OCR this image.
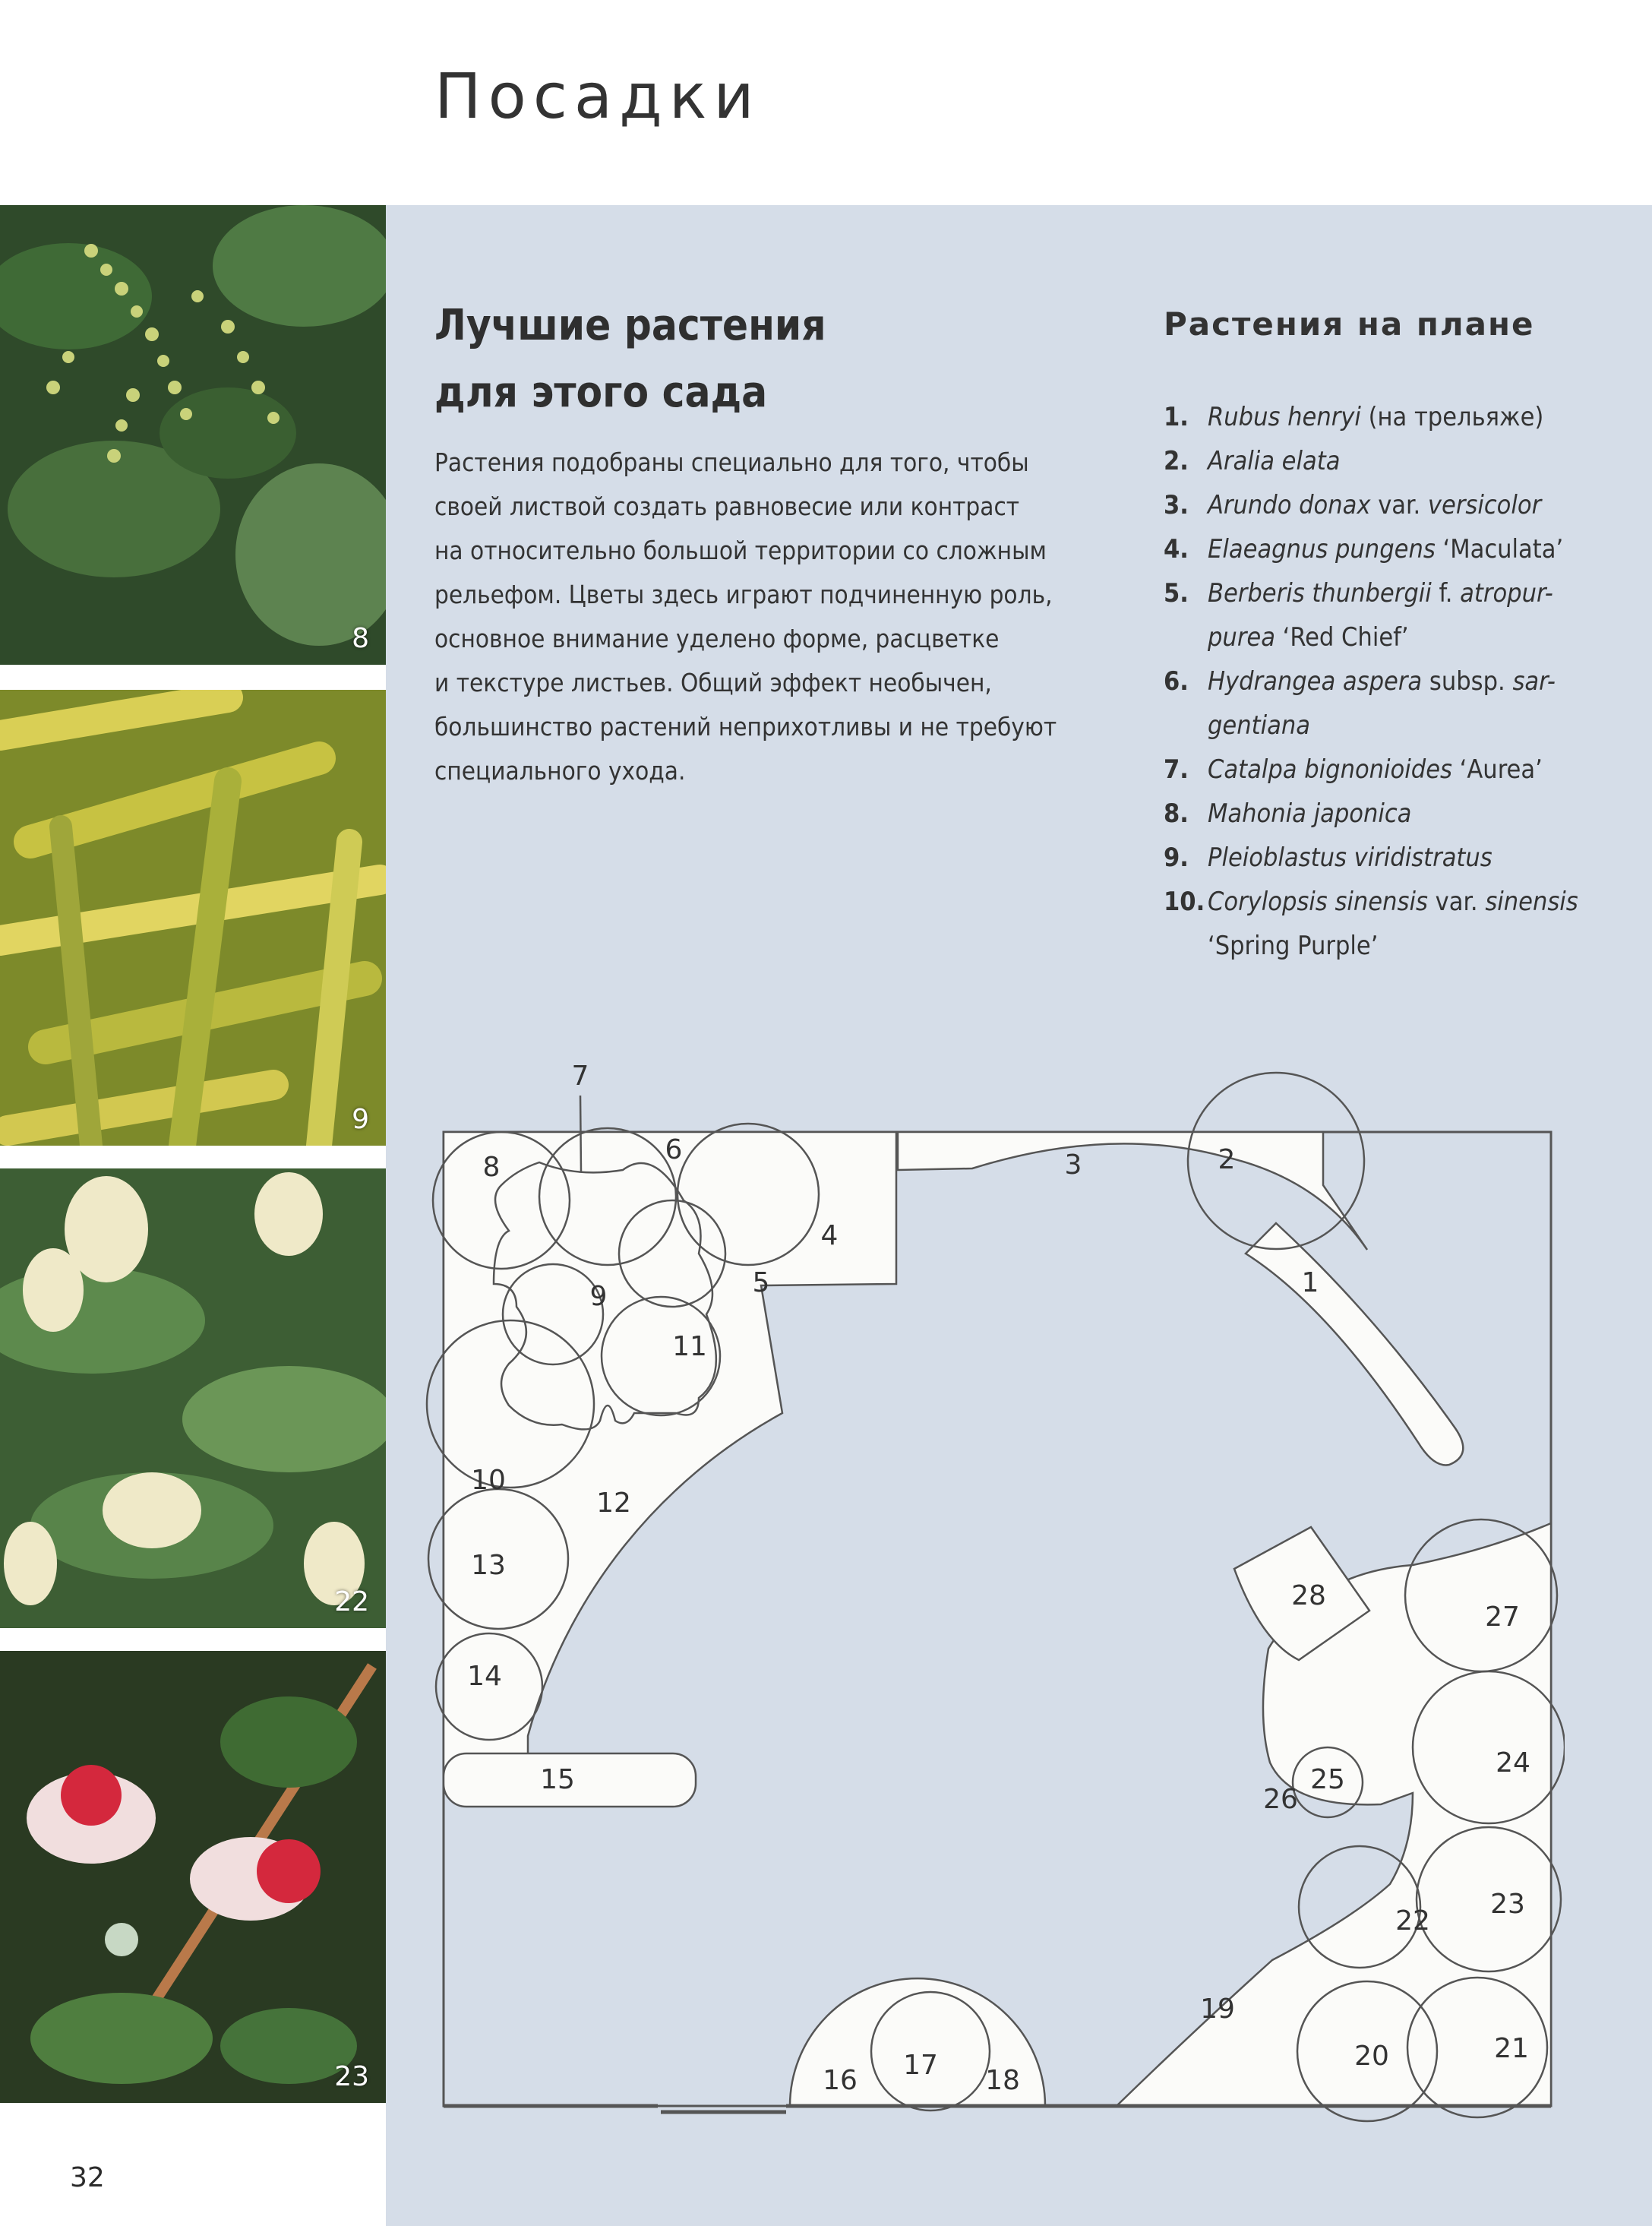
Посадки
8
9
22
23
Лучшие растения
для этого сада
Растения подобраны специально для того, чтобы
своей листвой создать равновесие или контраст
на относительно большой территории со сложным
рельефом. Цветы здесь играют подчиненную роль,
основное внимание уделено форме, расцветке
и текстуре листьев. Общий эффект необычен,
большинство растений неприхотливы и не требуют
специального ухода.
Растения на плане
1. Rubus henryi (на трельяже)
2. Aralia elata
3. Arundo donax var. versicolor
4. Elaeagnus pungens ‘Maculata’
5. Berberis thunbergii f. atropur-
purea ‘Red Chief’
6. Hydrangea aspera subsp. sar-
gentiana
7. Catalpa bignonioides ‘Aurea’
8. Mahonia japonica
9. Pleioblastus viridistratus
10. Corylopsis sinensis var. sinensis
‘Spring Purple’
1
2
3
4
5
6
7
8
9
10
11
12
13
14
15
16 17 18
19
20	21
22
23
24
25
26
27
28
32
